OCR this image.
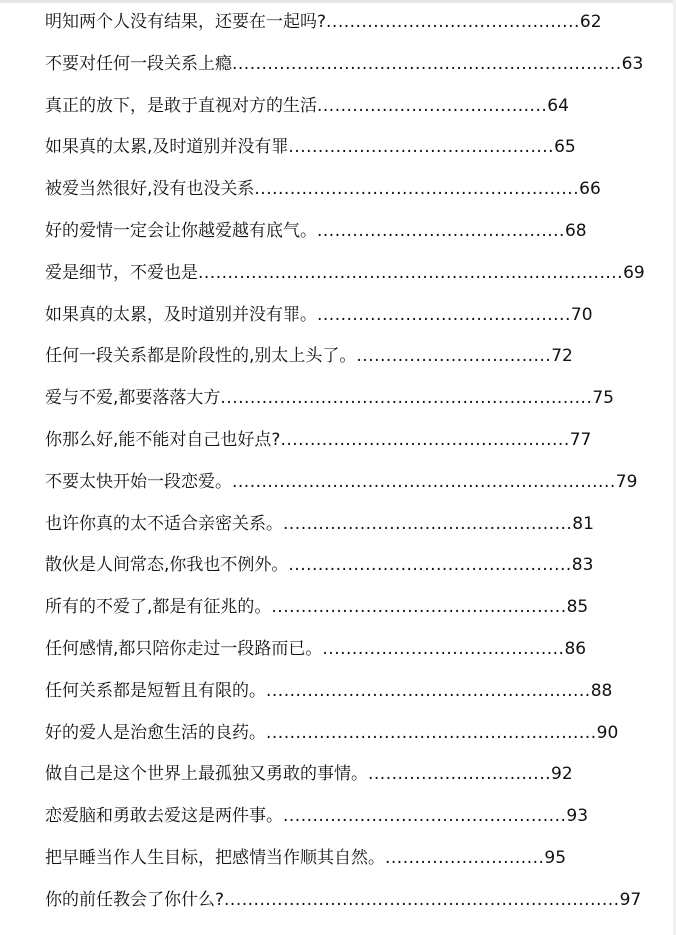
明知两个人没有结果，还要在一起吗?...........................................62
不要对任何一段关系上瘾..................................................................63
真正的放下，是敢于直视对方的生活.......................................64
如果真的太累,及时道别并没有罪.............................................65
被爱当然很好,没有也没关系.......................................................66
好的爱情一定会让你越爱越有底气。..........................................68
爱是细节，不爱也是........................................................................69
如果真的太累，及时道别并没有罪。...........................................70
任何一段关系都是阶段性的,别太上头了。.................................72
爱与不爱,都要落落大方...............................................................75
你那么好,能不能对自己也好点?.................................................77
不要太快开始一段恋爱。.................................................................79
也许你真的太不适合亲密关系。.................................................81
散伙是人间常态,你我也不例外。................................................83
所有的不爱了,都是有征兆的。..................................................85
任何感情,都只陪你走过一段路而已。.........................................86
任何关系都是短暂且有限的。.......................................................88
好的爱人是治愈生活的良药。........................................................90
做自己是这个世界上最孤独又勇敢的事情。...............................92
恋爱脑和勇敢去爱这是两件事。................................................93
把早睡当作人生目标，把感情当作顺其自然。...........................95
你的前任教会了你什么?...................................................................97
